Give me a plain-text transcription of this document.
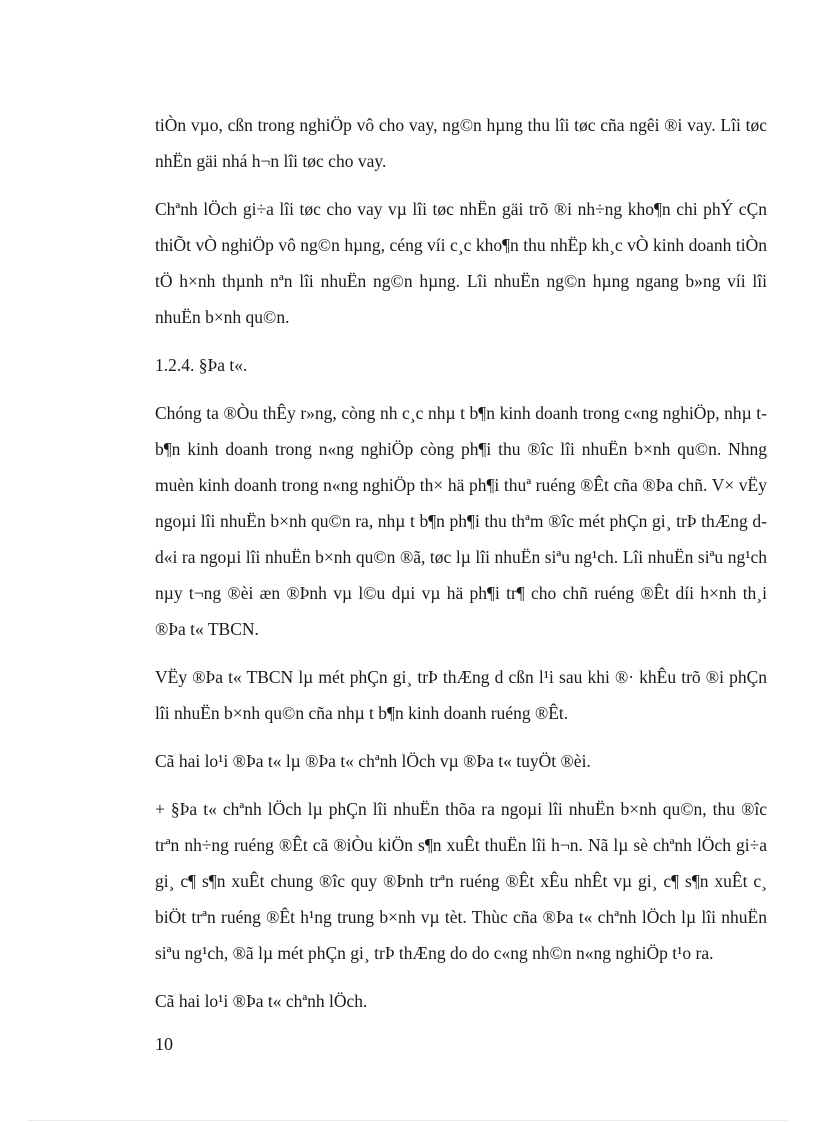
tiÒn vµo, cßn trong nghiÖp vô cho vay, ng©n hµng thu lîi tøc cña ngêi ®i vay. Lîi tøc nhËn gäi nhá h¬n lîi tøc cho vay.

Chªnh lÖch gi÷a lîi tøc cho vay vµ lîi tøc nhËn gäi trõ ®i nh÷ng kho¶n chi phÝ cÇn thiÕt vÒ nghiÖp vô ng©n hµng, céng víi c¸c kho¶n thu nhËp kh¸c vÒ kinh doanh tiÒn tÖ h×nh thµnh nªn lîi nhuËn ng©n hµng. Lîi nhuËn ng©n hµng ngang b»ng víi lîi nhuËn b×nh qu©n.

1.2.4. §Þa t«.

Chóng ta ®Òu thÊy r»ng, còng nh c¸c nhµ t b¶n kinh doanh trong c«ng nghiÖp, nhµ t b¶n kinh doanh trong n«ng nghiÖp còng ph¶i thu ®îc lîi nhuËn b×nh qu©n. Nhng muèn kinh doanh trong n«ng nghiÖp th× hä ph¶i thuª ruéng ®Êt cña ®Þa chñ. V× vËy ngoµi lîi nhuËn b×nh qu©n ra, nhµ t b¶n ph¶i thu thªm ®îc mét phÇn gi¸ trÞ thÆng d d«i ra ngoµi lîi nhuËn b×nh qu©n ®ã, tøc lµ lîi nhuËn siªu ng¹ch. Lîi nhuËn siªu ng¹ch nµy t¬ng ®èi æn ®Þnh vµ l©u dµi vµ hä ph¶i tr¶ cho chñ ruéng ®Êt díi h×nh th¸i ®Þa t« TBCN.

VËy ®Þa t« TBCN lµ mét phÇn gi¸ trÞ thÆng d cßn l¹i sau khi ®· khÊu trõ ®i phÇn lîi nhuËn b×nh qu©n cña nhµ t b¶n kinh doanh ruéng ®Êt.

Cã hai lo¹i ®Þa t« lµ ®Þa t« chªnh lÖch vµ ®Þa t« tuyÖt ®èi.

+ §Þa t« chªnh lÖch lµ phÇn lîi nhuËn thõa ra ngoµi lîi nhuËn b×nh qu©n, thu ®îc trªn nh÷ng ruéng ®Êt cã ®iÒu kiÖn s¶n xuÊt thuËn lîi h¬n. Nã lµ sè chªnh lÖch gi÷a gi¸ c¶ s¶n xuÊt chung ®îc quy ®Þnh trªn ruéng ®Êt xÊu nhÊt vµ gi¸ c¶ s¶n xuÊt c¸ biÖt trªn ruéng ®Êt h¹ng trung b×nh vµ tèt. Thùc cña ®Þa t« chªnh lÖch lµ lîi nhuËn siªu ng¹ch, ®ã lµ mét phÇn gi¸ trÞ thÆng do do c«ng nh©n n«ng nghiÖp t¹o ra.

Cã hai lo¹i ®Þa t« chªnh lÖch.

10
